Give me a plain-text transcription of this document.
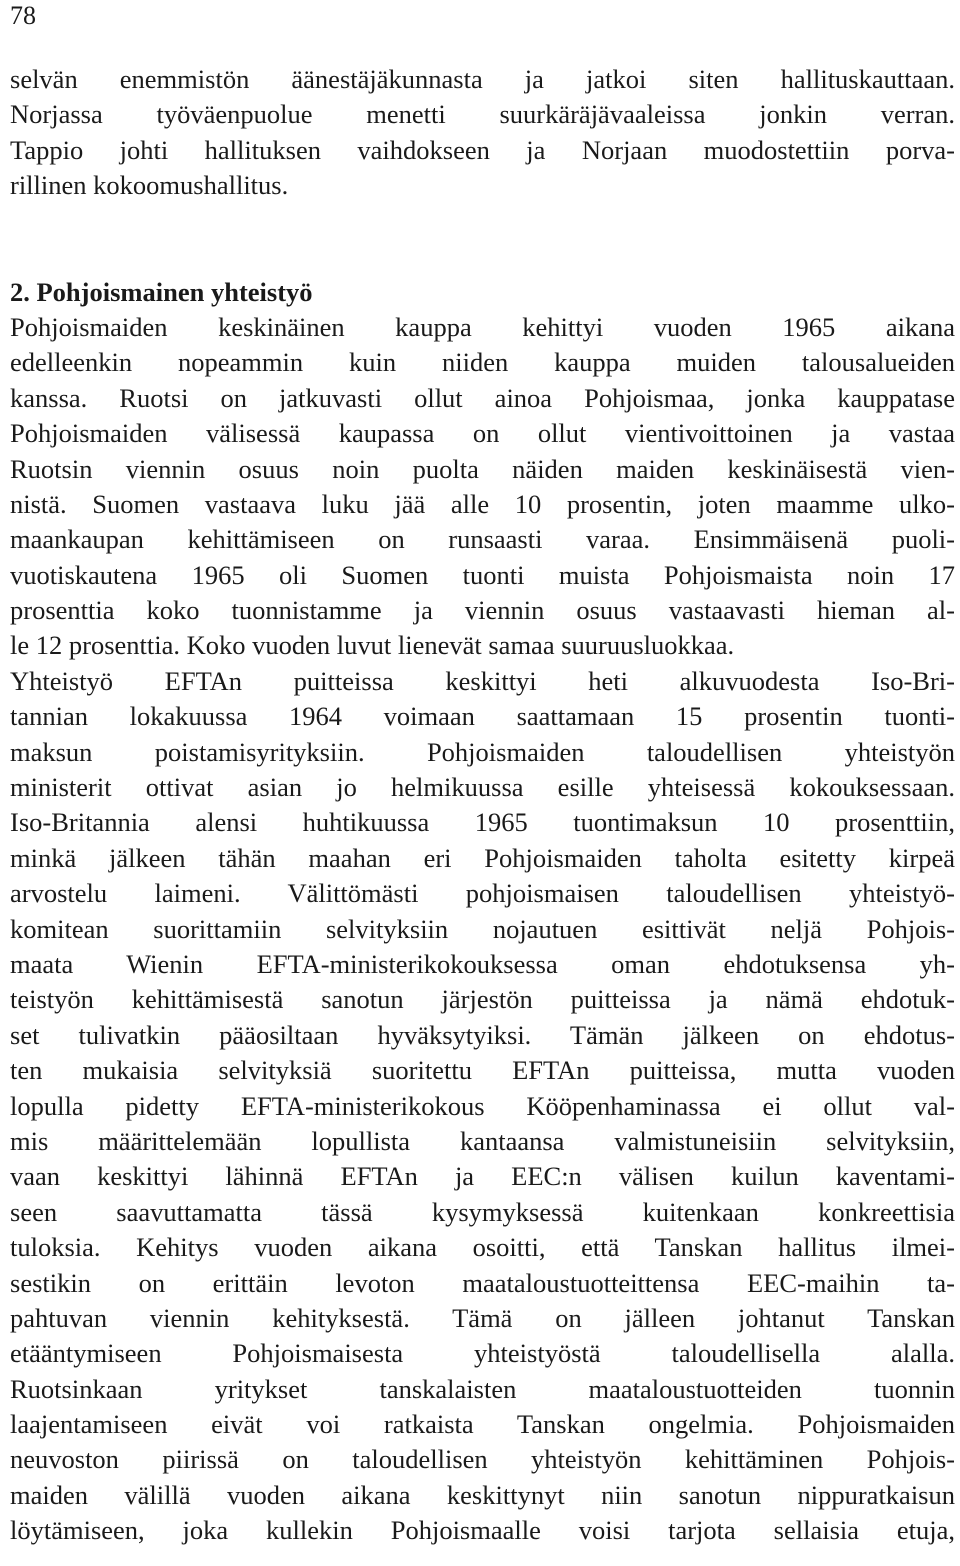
78
selvän enemmistön äänestäjäkunnasta ja jatkoi siten hallituskauttaan.
Norjassa työväenpuolue menetti suurkäräjävaaleissa jonkin verran.
Tappio johti hallituksen vaihdokseen ja Norjaan muodostettiin porva-
rillinen kokoomushallitus.
2. Pohjoismainen yhteistyö
Pohjoismaiden keskinäinen kauppa kehittyi vuoden 1965 aikana
edelleenkin nopeammin kuin niiden kauppa muiden talousalueiden
kanssa. Ruotsi on jatkuvasti ollut ainoa Pohjoismaa, jonka kauppatase
Pohjoismaiden välisessä kaupassa on ollut vientivoittoinen ja vastaa
Ruotsin viennin osuus noin puolta näiden maiden keskinäisestä vien-
nistä. Suomen vastaava luku jää alle 10 prosentin, joten maamme ulko-
maankaupan kehittämiseen on runsaasti varaa. Ensimmäisenä puoli-
vuotiskautena 1965 oli Suomen tuonti muista Pohjoismaista noin 17
prosenttia koko tuonnistamme ja viennin osuus vastaavasti hieman al-
le 12 prosenttia. Koko vuoden luvut lienevät samaa suuruusluokkaa.
Yhteistyö EFTAn puitteissa keskittyi heti alkuvuodesta Iso-Bri-
tannian lokakuussa 1964 voimaan saattamaan 15 prosentin tuonti-
maksun poistamisyrityksiin. Pohjoismaiden taloudellisen yhteistyön
ministerit ottivat asian jo helmikuussa esille yhteisessä kokouksessaan.
Iso-Britannia alensi huhtikuussa 1965 tuontimaksun 10 prosenttiin,
minkä jälkeen tähän maahan eri Pohjoismaiden taholta esitetty kirpeä
arvostelu laimeni. Välittömästi pohjoismaisen taloudellisen yhteistyö-
komitean suorittamiin selvityksiin nojautuen esittivät neljä Pohjois-
maata Wienin EFTA-ministerikokouksessa oman ehdotuksensa yh-
teistyön kehittämisestä sanotun järjestön puitteissa ja nämä ehdotuk-
set tulivatkin pääosiltaan hyväksytyiksi. Tämän jälkeen on ehdotus-
ten mukaisia selvityksiä suoritettu EFTAn puitteissa, mutta vuoden
lopulla pidetty EFTA-ministerikokous Kööpenhaminassa ei ollut val-
mis määrittelemään lopullista kantaansa valmistuneisiin selvityksiin,
vaan keskittyi lähinnä EFTAn ja EEC:n välisen kuilun kaventami-
seen saavuttamatta tässä kysymyksessä kuitenkaan konkreettisia
tuloksia. Kehitys vuoden aikana osoitti, että Tanskan hallitus ilmei-
sestikin on erittäin levoton maataloustuotteittensa EEC-maihin ta-
pahtuvan viennin kehityksestä. Tämä on jälleen johtanut Tanskan
etääntymiseen Pohjoismaisesta yhteistyöstä taloudellisella alalla.
Ruotsinkaan yritykset tanskalaisten maataloustuotteiden tuonnin
laajentamiseen eivät voi ratkaista Tanskan ongelmia. Pohjoismaiden
neuvoston piirissä on taloudellisen yhteistyön kehittäminen Pohjois-
maiden välillä vuoden aikana keskittynyt niin sanotun nippuratkaisun
löytämiseen, joka kullekin Pohjoismaalle voisi tarjota sellaisia etuja,
